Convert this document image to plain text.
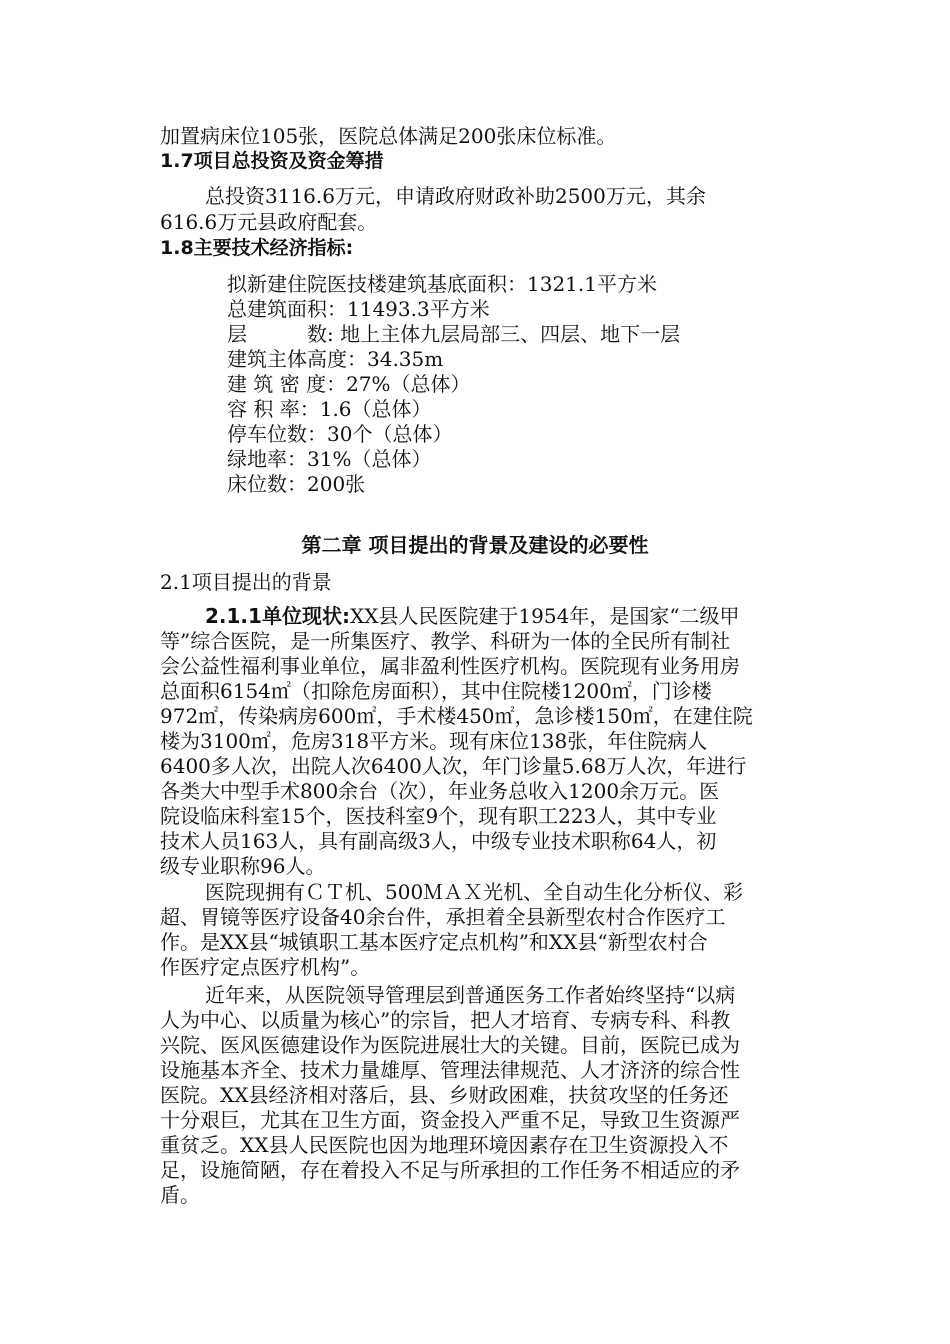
加置病床位105张，医院总体满足200张床位标准。
1.7项目总投资及资金筹措
总投资3116.6万元，申请政府财政补助2500万元，其余
616.6万元县政府配套。
1.8主要技术经济指标:
拟新建住院医技楼建筑基底面积：1321.1平方米
总建筑面积：11493.3平方米
层　　　数: 地上主体九层局部三、四层、地下一层
建筑主体高度：34.35m
建 筑 密 度：27%（总体）
容 积 率：1.6（总体）
停车位数：30个（总体）
绿地率：31%（总体）
床位数：200张
第二章 项目提出的背景及建设的必要性
2.1项目提出的背景
2.1.1单位现状:XX县人民医院建于1954年，是国家“二级甲
等”综合医院，是一所集医疗、教学、科研为一体的全民所有制社
会公益性福利事业单位，属非盈利性医疗机构。医院现有业务用房
总面积6154㎡（扣除危房面积），其中住院楼1200㎡，门诊楼
972㎡，传染病房600㎡，手术楼450㎡，急诊楼150㎡，在建住院
楼为3100㎡，危房318平方米。现有床位138张，年住院病人
6400多人次，出院人次6400人次，年门诊量5.68万人次，年进行
各类大中型手术800余台（次），年业务总收入1200余万元。医
院设临床科室15个，医技科室9个，现有职工223人，其中专业
技术人员163人，具有副高级3人，中级专业技术职称64人，初
级专业职称96人。
医院现拥有ＣＴ机、500ＭＡＸ光机、全自动生化分析仪、彩
超、胃镜等医疗设备40余台件，承担着全县新型农村合作医疗工
作。是XX县“城镇职工基本医疗定点机构”和XX县“新型农村合
作医疗定点医疗机构”。
近年来，从医院领导管理层到普通医务工作者始终坚持“以病
人为中心、以质量为核心”的宗旨，把人才培育、专病专科、科教
兴院、医风医德建设作为医院进展壮大的关键。目前，医院已成为
设施基本齐全、技术力量雄厚、管理法律规范、人才济济的综合性
医院。XX县经济相对落后，县、乡财政困难，扶贫攻坚的任务还
十分艰巨，尤其在卫生方面，资金投入严重不足，导致卫生资源严
重贫乏。XX县人民医院也因为地理环境因素存在卫生资源投入不
足，设施简陋，存在着投入不足与所承担的工作任务不相适应的矛
盾。
